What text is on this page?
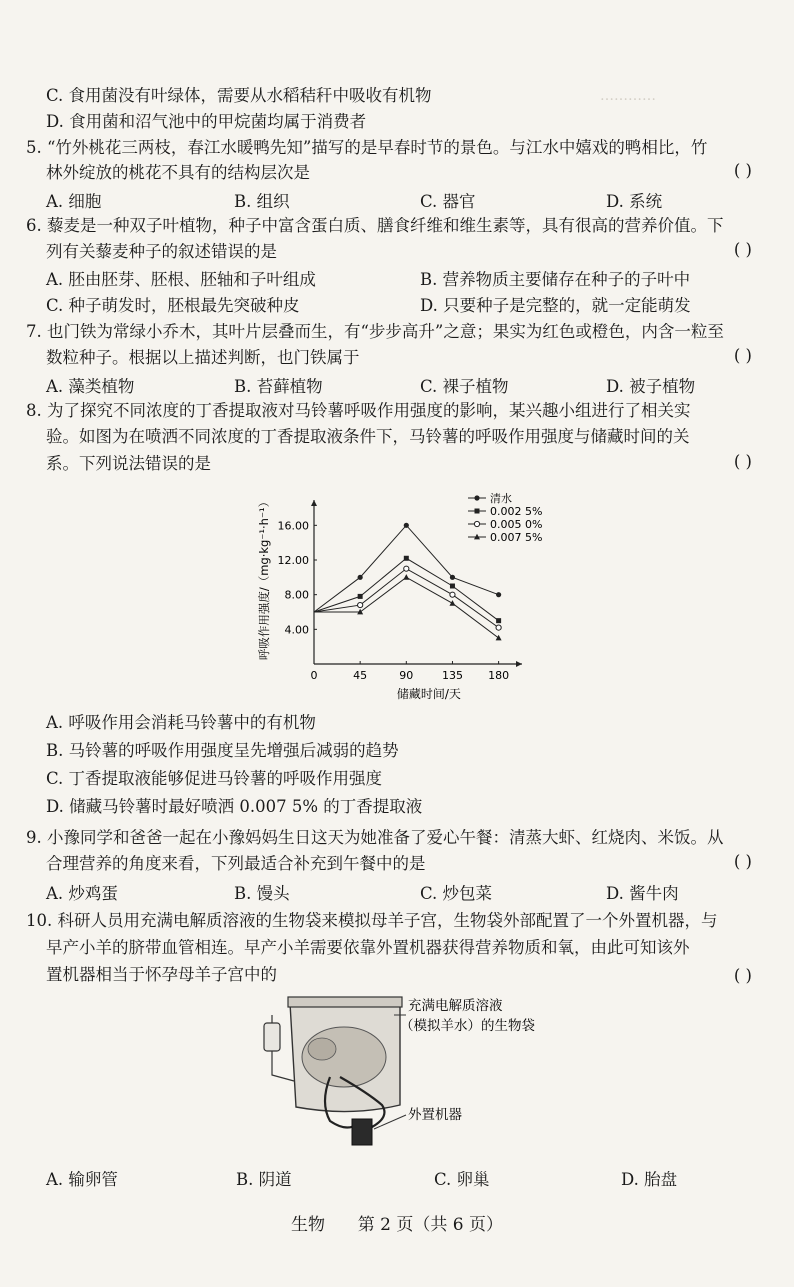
…………
C. 食用菌没有叶绿体，需要从水稻秸秆中吸收有机物
D. 食用菌和沼气池中的甲烷菌均属于消费者
5. “竹外桃花三两枝，春江水暖鸭先知”描写的是早春时节的景色。与江水中嬉戏的鸭相比，竹
林外绽放的桃花不具有的结构层次是	( )
A. 细胞	B. 组织	C. 器官	D. 系统
6. 藜麦是一种双子叶植物，种子中富含蛋白质、膳食纤维和维生素等，具有很高的营养价值。下
列有关藜麦种子的叙述错误的是	( )
A. 胚由胚芽、胚根、胚轴和子叶组成	B. 营养物质主要储存在种子的子叶中
C. 种子萌发时，胚根最先突破种皮	D. 只要种子是完整的，就一定能萌发
7. 也门铁为常绿小乔木，其叶片层叠而生，有“步步高升”之意；果实为红色或橙色，内含一粒至
数粒种子。根据以上描述判断，也门铁属于	( )
A. 藻类植物	B. 苔藓植物	C. 裸子植物	D. 被子植物
8. 为了探究不同浓度的丁香提取液对马铃薯呼吸作用强度的影响，某兴趣小组进行了相关实
验。如图为在喷洒不同浓度的丁香提取液条件下，马铃薯的呼吸作用强度与储藏时间的关
系。下列说法错误的是	( )
0	45	90	135 180
4.00
8.00
12.00
16.00
储藏时间/天
呼吸作用强度/（mg·kg⁻¹·h⁻¹）	清水
0.002 5%
0.005 0%
0.007 5%
A. 呼吸作用会消耗马铃薯中的有机物
B. 马铃薯的呼吸作用强度呈先增强后减弱的趋势
C. 丁香提取液能够促进马铃薯的呼吸作用强度
D. 储藏马铃薯时最好喷洒 0.007 5% 的丁香提取液
9. 小豫同学和爸爸一起在小豫妈妈生日这天为她准备了爱心午餐：清蒸大虾、红烧肉、米饭。从
合理营养的角度来看，下列最适合补充到午餐中的是	( )
A. 炒鸡蛋	B. 馒头	C. 炒包菜	D. 酱牛肉
10. 科研人员用充满电解质溶液的生物袋来模拟母羊子宫，生物袋外部配置了一个外置机器，与
早产小羊的脐带血管相连。早产小羊需要依靠外置机器获得营养物质和氧，由此可知该外
置机器相当于怀孕母羊子宫中的	( )
充满电解质溶液
（模拟羊水）的生物袋
外置机器
A. 输卵管	B. 阴道	C. 卵巢	D. 胎盘
生物 第 2 页（共 6 页）
